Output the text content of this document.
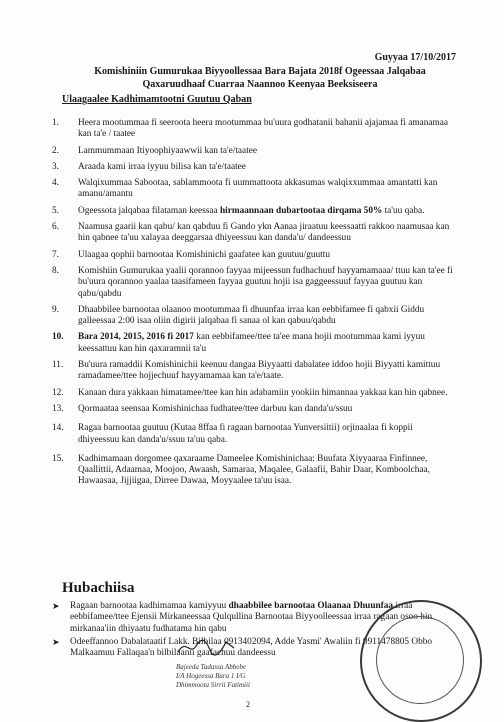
Guyyaa 17/10/2017
Komishiniin Gumurukaa Biyyoollessaa Bara Bajata 2018f Ogeessaa Jalqabaa
Qaxaruudhaaf Cuarraa Naannoo Keenyaa Beeksiseera
Ulaagaalee Kadhimamtootni Guutuu Qaban
1. Heera mootummaa fi seeroota heera mootummaa bu'uura godhatanii bahanii ajajamaa fi amanamaa kan ta'e / taatee
2. Lammummaan Itiyoophiyaawwii kan ta'e/taatee
3. Araada kami irraa iyyuu bilisa kan ta'e/taatee
4. Walqixummaa Sabootaa, sablammoota fi uummattoota akkasumas walqixxummaa amantatti kan amanu/amantu
5. Ogeessota jalqabaa filataman keessaa hirmaannaan dubartootaa dirqama 50% ta'uu qaba.
6. Naamusa gaarii kan qabu/ kan qabduu fi Gando ykn Aanaa jiraatuu keessaatti rakkoo naamusaa kan hin qabnee ta'uu xalayaa deeggarsaa dhiyeessuu kan danda'u/ dandeessuu
7. Ulaagaa qophii barnootaa Komishinichi gaafatee kan guutuu/guuttu
8. Komishiin Gumurukaa yaalii qorannoo fayyaa mijeessun fudhachuuf hayyamamaaa/ ttuu kan ta'ee fi bu'uura qorannoo yaalaa taasifameen fayyaa guutuu hojii isa gaggeessuuf fayyaa guutuu kan qabu/qabdu
9. Dhaabbilee barnootaa olaanoo mootummaa fi dhuunfaa irraa kan eebbifamee fi qabxii Giddu galleessaa 2:00 isaa oliin digirii jalqabaa fi sanaa ol kan qabuu/qabdu
10. Bara 2014, 2015, 2016 fi 2017 kan eebbifamee/ttee ta'ee mana hojii mootummaa kami iyyuu keessattuu kan hin qaxaramnii ta'u
11. Bu'uura ramaddii Komishinichii keenuu dangaa Biyyaatti dabalatee iddoo hojii Biyyatti kamittuu ramadamee/ttee hojjechuuf hayyamamaa kan ta'e/taate.
12. Kanaan dura yakkaan himatamee/ttee kan hin adabamiin yookiin himannaa yakkaa kan hin qabnee.
13. Qormaataa seensaa Komishinichaa fudhatee/ttee darbuu kan danda'u/ssuu
14. Ragaa barnootaa guutuu (Kutaa 8ffaa fi ragaan barnootaa Yunversiitii) orjinaalaa fi koppii dhiyeessuu kan danda'u/ssuu ta'uu qaba.
15. Kadhimamaan dorgomee qaxaraame Dameelee Komishinichaa: Buufata Xiyyaaraa Finfinnee, Qaallittii, Adaamaa, Moojoo, Awaash, Samaraa, Maqalee, Galaafii, Bahir Daar, Komboolchaa, Hawaasaa, Jijjiigaa, Dirree Dawaa, Moyyaalee ta'uu isaa.
Hubachiisa
➤ Ragaan barnootaa kadhimamaa kamiyyuu dhaabbilee barnootaa Olaanaa Dhuunfaa irraa eebbifamee/ttee Ejensii Mirkaneessaa Qulqullina Barnootaa Biyyoolleessaa irraa ragaan osoo hin mirkanaa'iin dhiyaatu fudhatama hin qabu
➤ Odeeffannoo Dabalataatif Lakk. Bilbilaa 0913402094, Adde Yasmi' Awaliin fi 0911478805 Obbo Malkaamuu Fallaqaa'n bilbilaanii gaafachuu dandeessu
Bajeeda Tadassa Abbebe
I/A Hogeessa Bara 1 I/G
Dhimmoota Sirrii Fatimiii
2
